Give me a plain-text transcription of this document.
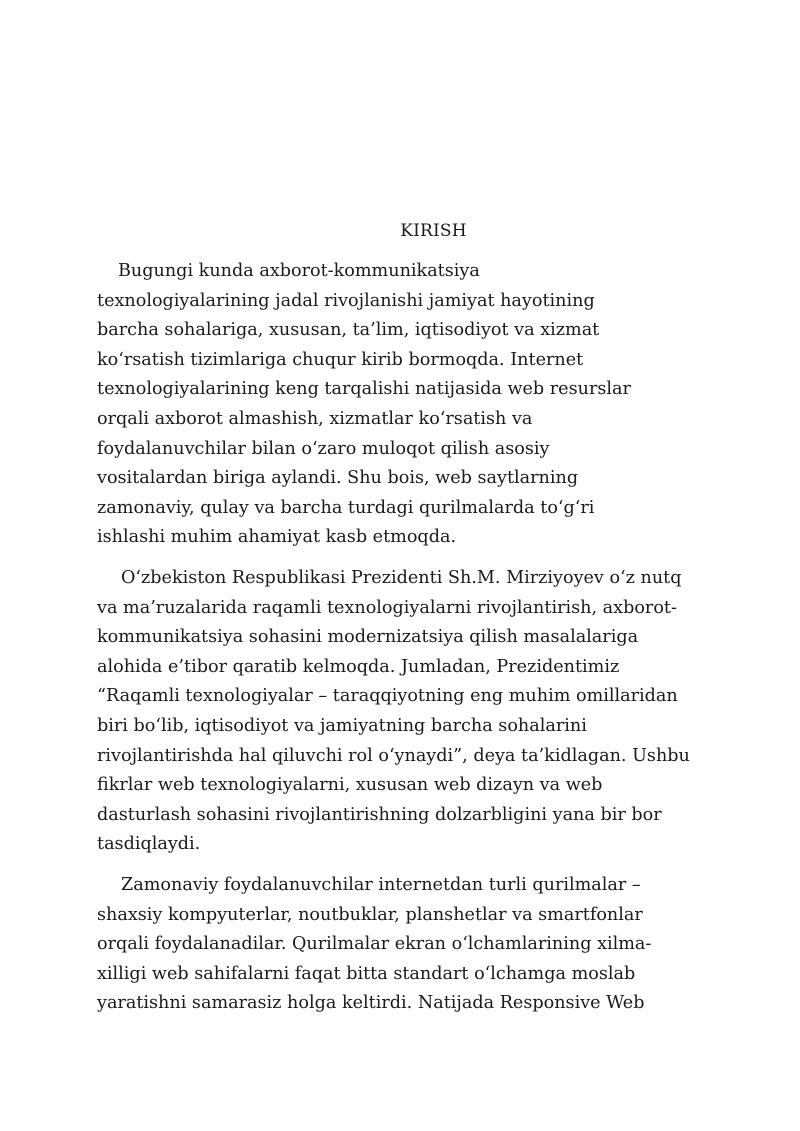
KIRISH

Bugungi kunda axborot-kommunikatsiya
texnologiyalarining jadal rivojlanishi jamiyat hayotining
barcha sohalariga, xususan, ta’lim, iqtisodiyot va xizmat
ko‘rsatish tizimlariga chuqur kirib bormoqda. Internet
texnologiyalarining keng tarqalishi natijasida web resurslar
orqali axborot almashish, xizmatlar ko‘rsatish va
foydalanuvchilar bilan o‘zaro muloqot qilish asosiy
vositalardan biriga aylandi. Shu bois, web saytlarning
zamonaviy, qulay va barcha turdagi qurilmalarda to‘g‘ri
ishlashi muhim ahamiyat kasb etmoqda.

O‘zbekiston Respublikasi Prezidenti Sh.M. Mirziyoyev o‘z nutq
va ma’ruzalarida raqamli texnologiyalarni rivojlantirish, axborot-
kommunikatsiya sohasini modernizatsiya qilish masalalariga
alohida e’tibor qaratib kelmoqda. Jumladan, Prezidentimiz
“Raqamli texnologiyalar – taraqqiyotning eng muhim omillaridan
biri bo‘lib, iqtisodiyot va jamiyatning barcha sohalarini
rivojlantirishda hal qiluvchi rol o‘ynaydi”, deya ta’kidlagan. Ushbu
fikrlar web texnologiyalarni, xususan web dizayn va web
dasturlash sohasini rivojlantirishning dolzarbligini yana bir bor
tasdiqlaydi.

Zamonaviy foydalanuvchilar internetdan turli qurilmalar –
shaxsiy kompyuterlar, noutbuklar, planshetlar va smartfonlar
orqali foydalanadilar. Qurilmalar ekran o‘lchamlarining xilma-
xilligi web sahifalarni faqat bitta standart o‘lchamga moslab
yaratishni samarasiz holga keltirdi. Natijada Responsive Web
